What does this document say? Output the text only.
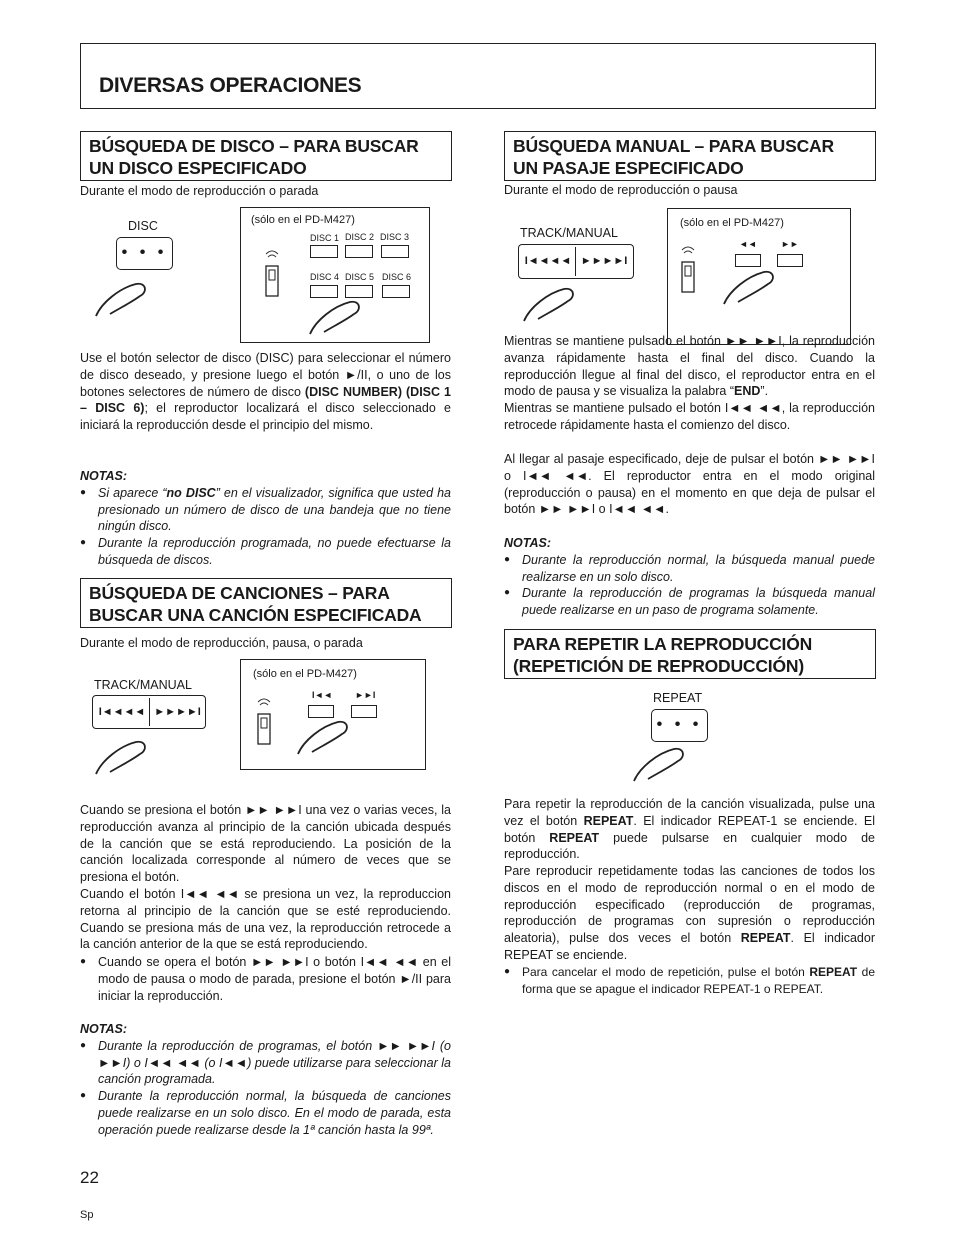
DIVERSAS OPERACIONES
BÚSQUEDA DE DISCO – PARA BUSCAR
UN DISCO ESPECIFICADO
Durante el modo de reproducción o parada
DISC
• • •
(sólo en el PD-M427)
DISC 1 DISC 2 DISC 3
DISC 4 DISC 5 DISC 6
Use el botón selector de disco (DISC) para seleccionar el número de disco deseado, y presione luego el botón ►/II, o uno de los botones selectores de número de disco (DISC NUMBER) (DISC 1 – DISC 6); el reproductor localizará el disco seleccionado e iniciará la reproducción desde el principio del mismo.
NOTAS:
● Si aparece “no DISC” en el visualizador, significa que usted ha presionado un número de disco de una bandeja que no tiene ningún disco.
● Durante la reproducción programada, no puede efectuarse la búsqueda de discos.
BÚSQUEDA DE CANCIONES – PARA
BUSCAR UNA CANCIÓN ESPECIFICADA
Durante el modo de reproducción, pausa, o parada
TRACK/MANUAL
I◄◄◄◄ ►►►►I
(sólo en el PD-M427)
I◄◄	►►I
Cuando se presiona el botón ►► ►►I una vez o varias veces, la reproducción avanza al principio de la canción ubicada después de la canción que se está reproduciendo. La posición de la canción localizada corresponde al número de veces que se presiona el botón.
Cuando el botón I◄◄ ◄◄ se presiona un vez, la reproduccion retorna al principio de la canción que se esté reproduciendo. Cuando se presiona más de una vez, la reproducción retrocede a la canción anterior de la que se está reproduciendo.
● Cuando se opera el botón ►► ►►I o botón I◄◄ ◄◄ en el modo de pausa o modo de parada, presione el botón ►/II para iniciar la reproducción.
NOTAS:
● Durante la reproducción de programas, el botón ►► ►►I (o ►►I) o I◄◄ ◄◄ (o I◄◄) puede utilizarse para seleccionar la canción programada.
● Durante la reproducción normal, la búsqueda de canciones puede realizarse en un solo disco. En el modo de parada, esta operación puede realizarse desde la 1ª canción hasta la 99ª.
22
Sp
BÚSQUEDA MANUAL – PARA BUSCAR
UN PASAJE ESPECIFICADO
Durante el modo de reproducción o pausa
TRACK/MANUAL
I◄◄◄◄ ►►►►I
(sólo en el PD-M427)
◄◄	►►
Mientras se mantiene pulsado el botón ►► ►►I, la reproducción avanza rápidamente hasta el final del disco. Cuando la reproducción llegue al final del disco, el reproductor entra en el modo de pausa y se visualiza la palabra “END”.
Mientras se mantiene pulsado el botón I◄◄ ◄◄, la reproducción retrocede rápidamente hasta el comienzo del disco.
Al llegar al pasaje especificado, deje de pulsar el botón ►► ►►I o I◄◄ ◄◄. El reproductor entra en el modo original (reproducción o pausa) en el momento en que deja de pulsar el botón ►► ►►I o I◄◄ ◄◄.
NOTAS:
● Durante la reproducción normal, la búsqueda manual puede realizarse en un solo disco.
● Durante la reproducción de programas la búsqueda manual puede realizarse en un paso de programa solamente.
PARA REPETIR LA REPRODUCCIÓN
(REPETICIÓN DE REPRODUCCIÓN)
REPEAT
• • •
Para repetir la reproducción de la canción visualizada, pulse una vez el botón REPEAT. El indicador REPEAT-1 se enciende. El botón REPEAT puede pulsarse en cualquier modo de reproducción.
Pare reproducir repetidamente todas las canciones de todos los discos en el modo de reproducción normal o en el modo de reproducción especificado (reproducción de programas, reproducción de programas con supresión o reproducción aleatoria), pulse dos veces el botón REPEAT. El indicador REPEAT se enciende.
● Para cancelar el modo de repetición, pulse el botón REPEAT de forma que se apague el indicador REPEAT-1 o REPEAT.
